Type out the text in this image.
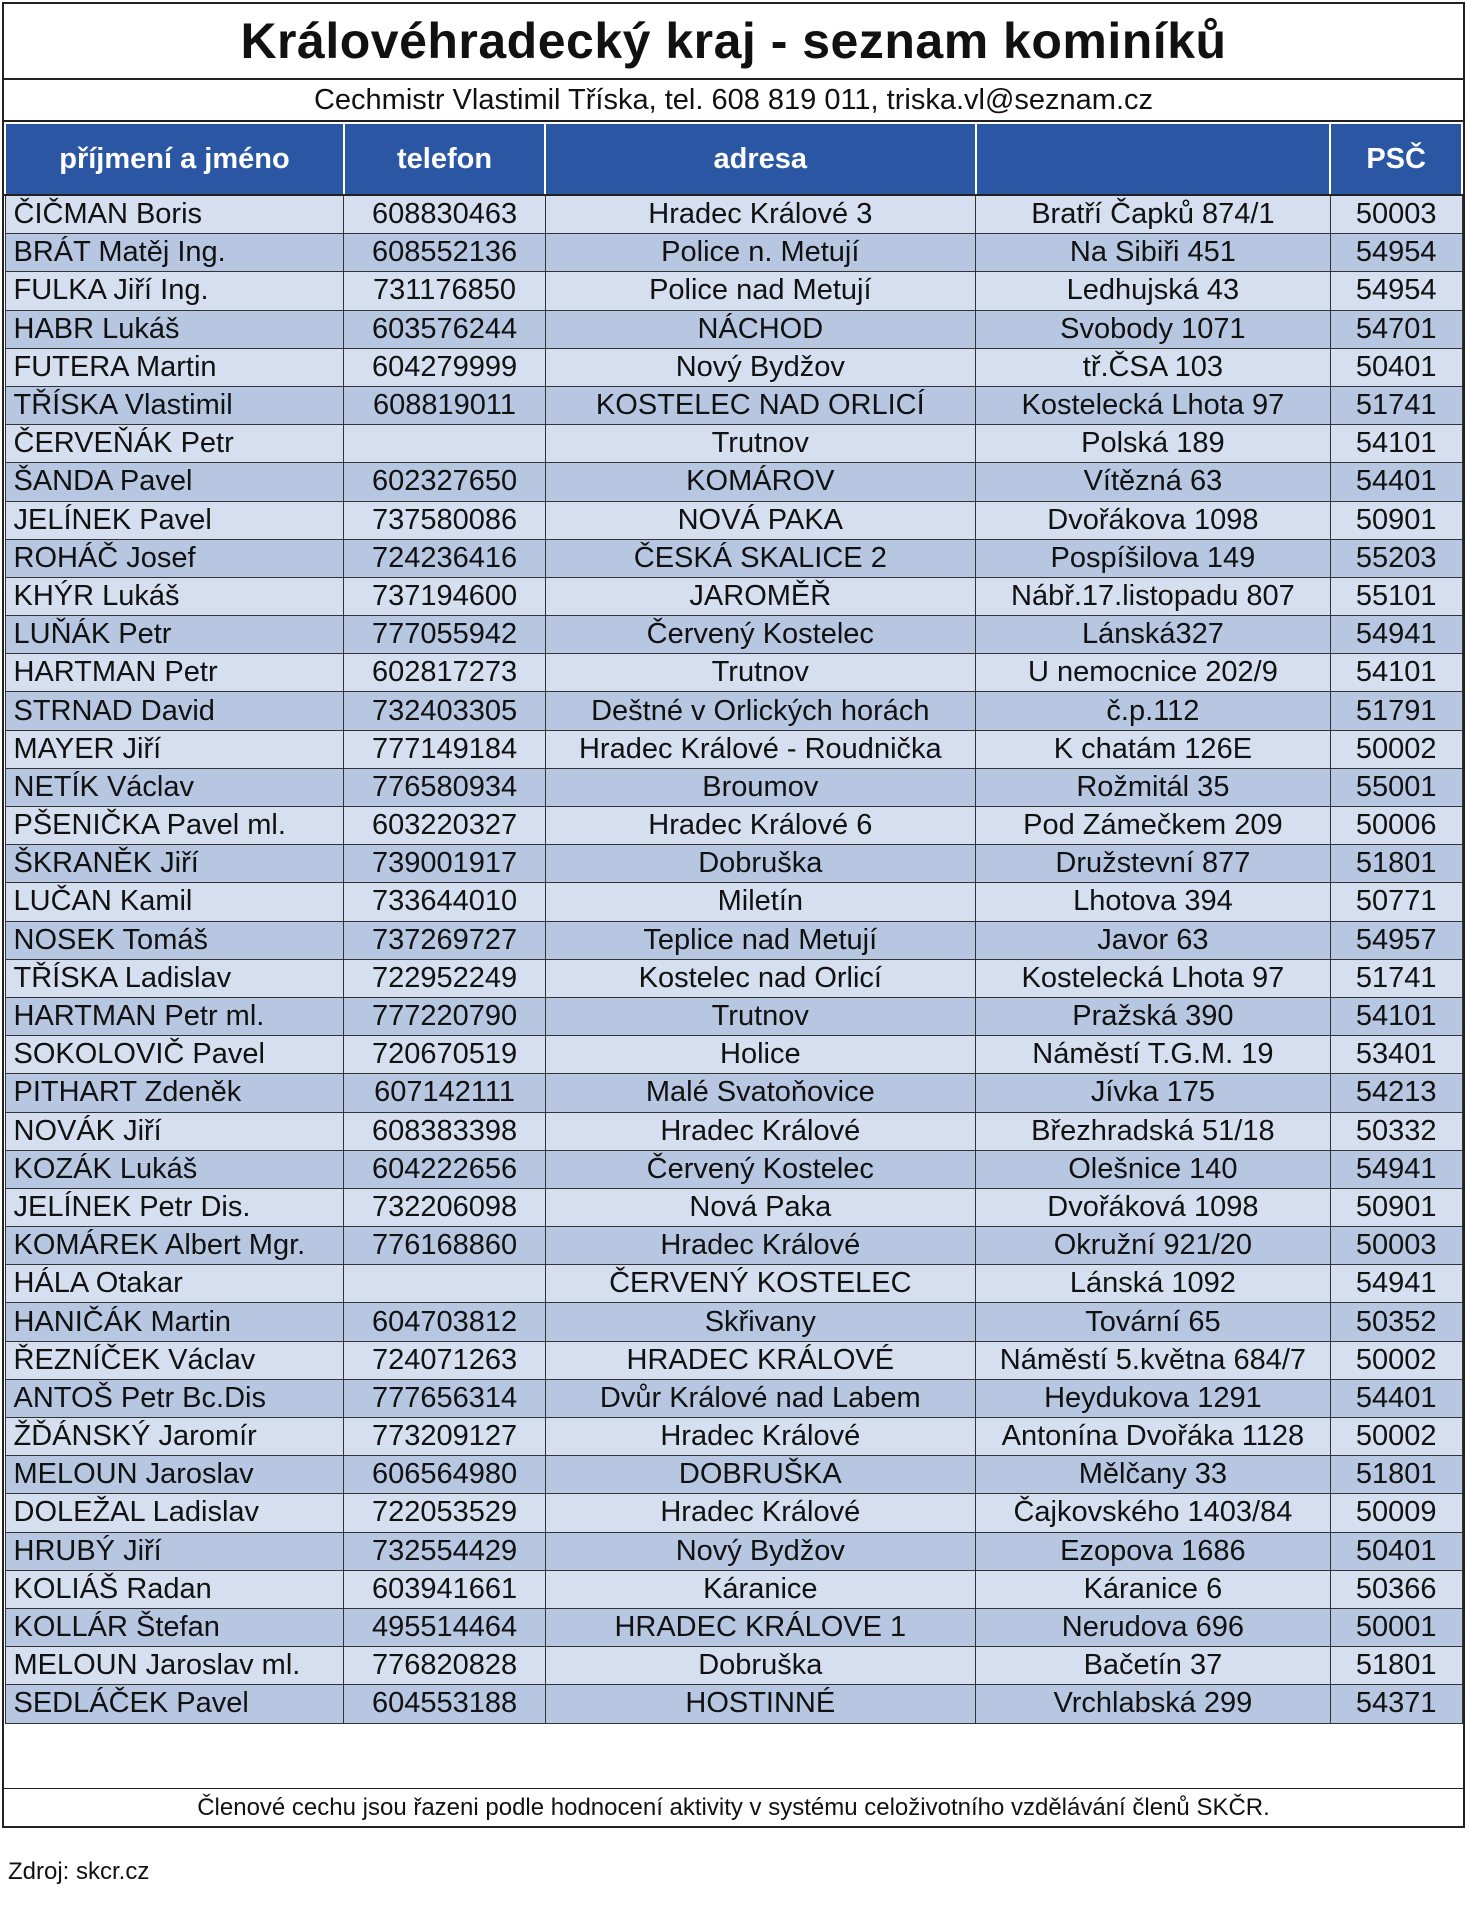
Královéhradecký kraj - seznam kominíků
Cechmistr Vlastimil Tříska, tel. 608 819 011, triska.vl@seznam.cz
příjmení a jméno	telefon	adresa		PSČ
ČIČMAN Boris	608830463	Hradec Králové 3	Bratří Čapků 874/1	50003
BRÁT Matěj Ing.	608552136	Police n. Metují	Na Sibiři 451	54954
FULKA Jiří Ing.	731176850	Police nad Metují	Ledhujská 43	54954
HABR Lukáš	603576244	NÁCHOD	Svobody 1071	54701
FUTERA Martin	604279999	Nový Bydžov	tř.ČSA 103	50401
TŘÍSKA Vlastimil	608819011	KOSTELEC NAD ORLICÍ	Kostelecká Lhota 97	51741
ČERVEŇÁK Petr		Trutnov	Polská 189	54101
ŠANDA Pavel	602327650	KOMÁROV	Vítězná 63	54401
JELÍNEK Pavel	737580086	NOVÁ PAKA	Dvořákova 1098	50901
ROHÁČ Josef	724236416	ČESKÁ SKALICE 2	Pospíšilova 149	55203
KHÝR Lukáš	737194600	JAROMĚŘ	Nábř.17.listopadu 807	55101
LUŇÁK Petr	777055942	Červený Kostelec	Lánská327	54941
HARTMAN Petr	602817273	Trutnov	U nemocnice 202/9	54101
STRNAD David	732403305	Deštné v Orlických horách	č.p.112	51791
MAYER Jiří	777149184	Hradec Králové - Roudnička	K chatám 126E	50002
NETÍK Václav	776580934	Broumov	Rožmitál 35	55001
PŠENIČKA Pavel ml.	603220327	Hradec Králové 6	Pod Zámečkem 209	50006
ŠKRANĚK Jiří	739001917	Dobruška	Družstevní 877	51801
LUČAN Kamil	733644010	Miletín	Lhotova 394	50771
NOSEK Tomáš	737269727	Teplice nad Metují	Javor 63	54957
TŘÍSKA Ladislav	722952249	Kostelec nad Orlicí	Kostelecká Lhota 97	51741
HARTMAN Petr ml.	777220790	Trutnov	Pražská 390	54101
SOKOLOVIČ Pavel	720670519	Holice	Náměstí T.G.M. 19	53401
PITHART Zdeněk	607142111	Malé Svatoňovice	Jívka 175	54213
NOVÁK Jiří	608383398	Hradec Králové	Březhradská 51/18	50332
KOZÁK Lukáš	604222656	Červený Kostelec	Olešnice 140	54941
JELÍNEK Petr Dis.	732206098	Nová Paka	Dvořáková 1098	50901
KOMÁREK Albert Mgr.	776168860	Hradec Králové	Okružní 921/20	50003
HÁLA Otakar		ČERVENÝ KOSTELEC	Lánská 1092	54941
HANIČÁK Martin	604703812	Skřivany	Tovární 65	50352
ŘEZNÍČEK Václav	724071263	HRADEC KRÁLOVÉ	Náměstí 5.května 684/7	50002
ANTOŠ Petr Bc.Dis	777656314	Dvůr Králové nad Labem	Heydukova 1291	54401
ŽĎÁNSKÝ Jaromír	773209127	Hradec Králové	Antonína Dvořáka 1128	50002
MELOUN Jaroslav	606564980	DOBRUŠKA	Mělčany 33	51801
DOLEŽAL Ladislav	722053529	Hradec Králové	Čajkovského 1403/84	50009
HRUBÝ Jiří	732554429	Nový Bydžov	Ezopova 1686	50401
KOLIÁŠ Radan	603941661	Káranice	Káranice 6	50366
KOLLÁR Štefan	495514464	HRADEC KRÁLOVE 1	Nerudova 696	50001
MELOUN Jaroslav ml.	776820828	Dobruška	Bačetín 37	51801
SEDLÁČEK Pavel	604553188	HOSTINNÉ	Vrchlabská 299	54371
Členové cechu jsou řazeni podle hodnocení aktivity v systému celoživotního vzdělávání členů SKČR.
Zdroj: skcr.cz
